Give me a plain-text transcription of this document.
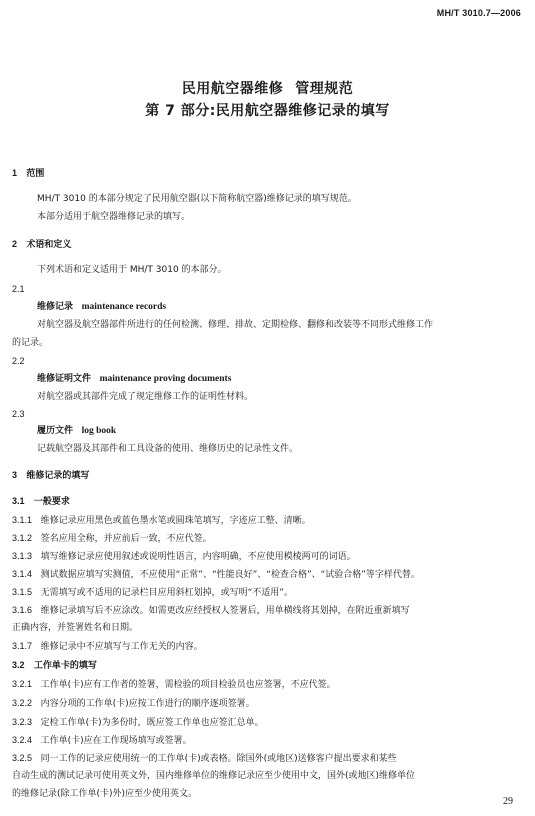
MH/T 3010.7—2006
民用航空器维修 管理规范
第 7 部分:民用航空器维修记录的填写
1 范围
MH/T 3010 的本部分规定了民用航空器(以下简称航空器)维修记录的填写规范。
本部分适用于航空器维修记录的填写。
2 术语和定义
下列术语和定义适用于 MH/T 3010 的本部分。
2.1
维修记录 maintenance records
对航空器及航空器部件所进行的任何检测、修理、排故、定期检修、翻修和改装等不同形式维修工作
的记录。
2.2
维修证明文件 maintenance proving documents
对航空器或其部件完成了规定维修工作的证明性材料。
2.3
履历文件 log book
记载航空器及其部件和工具设备的使用、维修历史的记录性文件。
3 维修记录的填写
3.1 一般要求
3.1.1 维修记录应用黑色或蓝色墨水笔或圆珠笔填写，字迹应工整、清晰。
3.1.2 签名应用全称，并应前后一致，不应代签。
3.1.3 填写维修记录应使用叙述或说明性语言，内容明确，不应使用模棱两可的词语。
3.1.4 测试数据应填写实测值，不应使用“正常”、“性能良好”、“检查合格”、“试验合格”等字样代替。
3.1.5 无需填写或不适用的记录栏目应用斜杠划掉，或写明“不适用”。
3.1.6 维修记录填写后不应涂改。如需更改应经授权人签署后，用单横线将其划掉，在附近重新填写
正确内容，并签署姓名和日期。
3.1.7 维修记录中不应填写与工作无关的内容。
3.2 工作单卡的填写
3.2.1 工作单(卡)应有工作者的签署，需检验的项目检验员也应签署，不应代签。
3.2.2 内容分项的工作单(卡)应按工作进行的顺序逐项签署。
3.2.3 定检工作单(卡)为多份时，既应签工作单也应签汇总单。
3.2.4 工作单(卡)应在工作现场填写或签署。
3.2.5 同一工作的记录应使用统一的工作单(卡)或表格。除国外(或地区)送修客户提出要求和某些
自动生成的测试记录可使用英文外，国内维修单位的维修记录应至少使用中文，国外(或地区)维修单位
的维修记录(除工作单(卡)外)应至少使用英文。
29
